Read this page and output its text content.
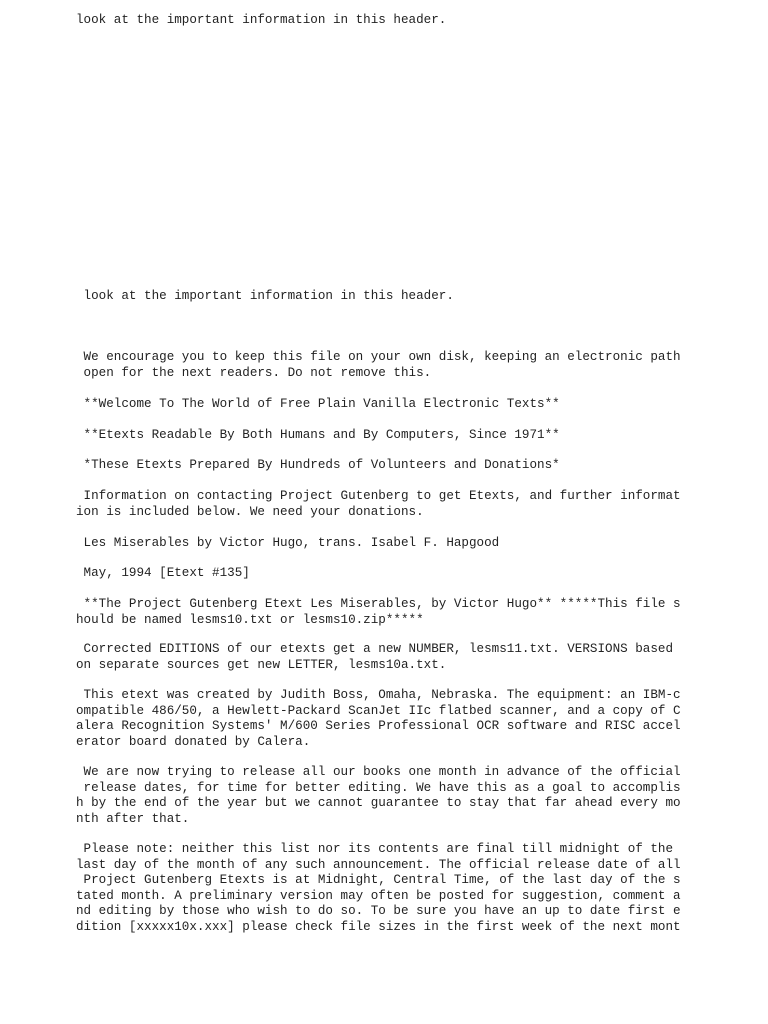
look at the important information in this header.

look at the important information in this header.

We encourage you to keep this file on your own disk, keeping an electronic path
open for the next readers. Do not remove this.

**Welcome To The World of Free Plain Vanilla Electronic Texts**

**Etexts Readable By Both Humans and By Computers, Since 1971**

*These Etexts Prepared By Hundreds of Volunteers and Donations*

Information on contacting Project Gutenberg to get Etexts, and further informat
ion is included below. We need your donations.

Les Miserables by Victor Hugo, trans. Isabel F. Hapgood

May, 1994 [Etext #135]

**The Project Gutenberg Etext Les Miserables, by Victor Hugo** *****This file s
hould be named lesms10.txt or lesms10.zip*****

Corrected EDITIONS of our etexts get a new NUMBER, lesms11.txt. VERSIONS based
on separate sources get new LETTER, lesms10a.txt.

This etext was created by Judith Boss, Omaha, Nebraska. The equipment: an IBM-c
ompatible 486/50, a Hewlett-Packard ScanJet IIc flatbed scanner, and a copy of C
alera Recognition Systems' M/600 Series Professional OCR software and RISC accel
erator board donated by Calera.

We are now trying to release all our books one month in advance of the official
release dates, for time for better editing. We have this as a goal to accomplis
h by the end of the year but we cannot guarantee to stay that far ahead every mo
nth after that.

Please note: neither this list nor its contents are final till midnight of the
last day of the month of any such announcement. The official release date of all
Project Gutenberg Etexts is at Midnight, Central Time, of the last day of the s
tated month. A preliminary version may often be posted for suggestion, comment a
nd editing by those who wish to do so. To be sure you have an up to date first e
dition [xxxxx10x.xxx] please check file sizes in the first week of the next mont
